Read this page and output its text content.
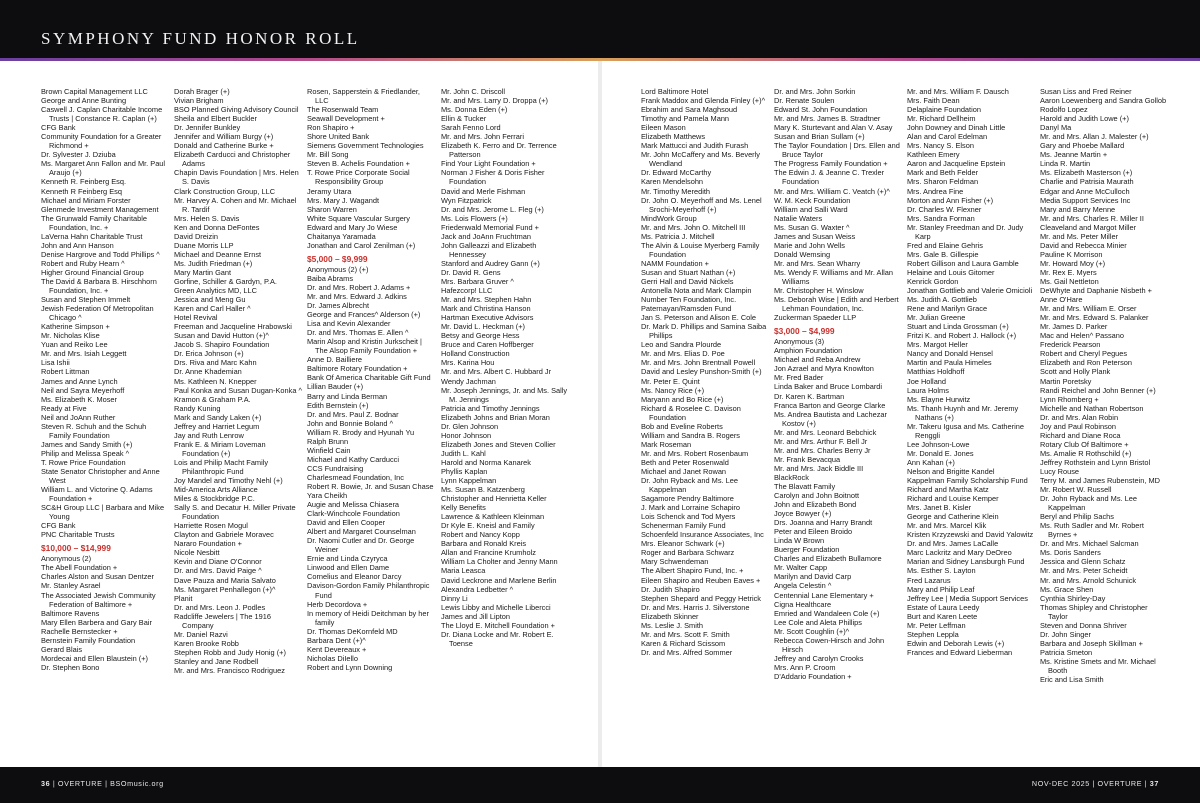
SYMPHONY FUND HONOR ROLL
Brown Capital Management LLC
George and Anne Bunting
Caswell J. Caplan Charitable Income Trusts | Constance R. Caplan (+)
CFG Bank
Community Foundation for a Greater Richmond +
Dr. Sylvester J. Dziuba
Ms. Margaret Ann Fallon and Mr. Paul Araujo (+)
Kenneth R. Feinberg Esq.
Kenneth R Feinberg Esq
Michael and Miriam Forster
Glenmede Investment Management
The Grunwald Family Charitable Foundation, Inc. +
LaVerna Hahn Charitable Trust
John and Ann Hanson
Denise Hargrove and Todd Phillips ^
Robert and Ruby Hearn ^
Higher Ground Financial Group
The David & Barbara B. Hirschhorn Foundation, Inc. +
Susan and Stephen Immelt
Jewish Federation Of Metropolitan Chicago ^
Katherine Simpson +
Mr. Nicholas Klise
Yuan and Reiko Lee
Mr. and Mrs. Isiah Leggett
Lisa Ishii
Robert Littman
James and Anne Lynch
Neil and Sayra Meyerhoff
Ms. Elizabeth K. Moser
Ready at Five
Neil and JoAnn Ruther
Steven R. Schuh and the Schuh Family Foundation
James and Sandy Smith (+)
Philip and Melissa Speak ^
T. Rowe Price Foundation
State Senator Christopher and Anne West
William L. and Victorine Q. Adams Foundation +
SC&H Group LLC | Barbara and Mike Young
CFG Bank
PNC Charitable Trusts
$10,000 – $14,999
Anonymous (2)
The Abell Foundation +
Charles Alston and Susan Dentzer
Mr. Stanley Asrael
The Associated Jewish Community Federation of Baltimore +
Baltimore Ravens
Mary Ellen Barbera and Gary Bair
Rachelle Bernstecker +
Bernstein Family Foundation
Gerard Blais
Mordecai and Ellen Blaustein (+)
Dr. Stephen Bono
Dorah Brager (+)
Vivian Brigham
BSO Planned Giving Advisory Council
Sheila and Elbert Buckler
Dr. Jennifer Bunkley
Jennifer and William Burgy (+)
Donald and Catherine Burke +
Elizabeth Carducci and Christopher Adams
Chapin Davis Foundation | Mrs. Helen S. Davis
Clark Construction Group, LLC
Mr. Harvey A. Cohen and Mr. Michael R. Tardif
Mrs. Helen S. Davis
Ken and Donna DeFontes
David Dreizin
Duane Morris LLP
Michael and Deanne Ernst
Ms. Judith Friedman (+)
Mary Martin Gant
Gorfine, Schiller & Gardyn, P.A.
Green Analytics MD, LLC
Jessica and Meng Gu
Karen and Carl Haller ^
Hotel Revival
Freeman and Jacqueline Hrabowski
Susan and David Hutton (+)^
Jacob S. Shapiro Foundation
Dr. Erica Johnson (+)
Drs. Riva and Marc Kahn
Dr. Anne Khademian
Ms. Kathleen N. Knepper
Paul Konka and Susan Dugan-Konka ^
Kramon & Graham P.A.
Randy Kuning
Mark and Sandy Laken (+)
Jeffrey and Harriet Legum
Jay and Ruth Lenrow
Frank E. & Miriam Loveman Foundation (+)
Lois and Philip Macht Family Philanthropic Fund
Joy Mandel and Timothy Nehl (+)
Mid-America Arts Alliance
Miles & Stockbridge P.C.
Sally S. and Decatur H. Miller Private Foundation
Harriette Rosen Mogul
Clayton and Gabriele Moravec
Nararo Foundation +
Nicole Nesbitt
Kevin and Diane O'Connor
Dr. and Mrs. David Paige ^
Dave Pauza and Maria Salvato
Ms. Margaret Penhallegon (+)^
Planit
Dr. and Mrs. Leon J. Podles
Radcliffe Jewelers | The 1916 Company
Mr. Daniel Razvi
Karen Brooke Robb
Stephen Robb and Judy Honig (+)
Stanley and Jane Rodbell
Mr. and Mrs. Francisco Rodriguez
Rosen, Sapperstein & Friedlander, LLC
The Rosenwald Team
Seawall Development +
Ron Shapiro +
Shore United Bank
Siemens Government Technologies
Mr. Bill Song
Steven B. Achelis Foundation +
T. Rowe Price Corporate Social Responsibility Group
Jeramy Utara
Mrs. Mary J. Wagandt
Sharon Warren
White Square Vascular Surgery
Edward and Mary Jo Wiese
Chaitanya Yaramada
Jonathan and Carol Zenilman (+)
$5,000 – $9,999
Anonymous (2) (+)
Baiba Abrams
Dr. and Mrs. Robert J. Adams +
Mr. and Mrs. Edward J. Adkins
Dr. James Albrecht
George and Frances^ Alderson (+)
Lisa and Kevin Alexander
Dr. and Mrs. Thomas E. Allen ^
Marin Alsop and Kristin Jurkscheit | The Alsop Family Foundation +
Anne D. Bailliere
Baltimore Rotary Foundation +
Bank Of America Charitable Gift Fund
Lillian Bauder (+)
Barry and Linda Berman
Edith Bernstein (+)
Dr. and Mrs. Paul Z. Bodnar
John and Bonnie Boland ^
William R. Brody and Hyunah Yu
Ralph Brunn
Winfield Cain
Michael and Kathy Carducci
CCS Fundraising
Charlesmead Foundation, Inc
Robert R. Bowie, Jr. and Susan Chase
Yara Cheikh
Augie and Melissa Chiasera
Clark-Winchcole Foundation
David and Ellen Cooper
Albert and Margaret Counselman
Dr. Naomi Cutler and Dr. George Weiner
Ernie and Linda Czyryca
Linwood and Ellen Dame
Cornelius and Eleanor Darcy
Davison-Gordon Family Philanthropic Fund
Herb Decordova +
In memory of Heidi Deitchman by her family
Dr. Thomas DeKornfeld MD
Barbara Dent (+)^
Kent Devereaux +
Nicholas DiIello
Robert and Lynn Downing
Mr. John C. Driscoll
Mr. and Mrs. Larry D. Droppa (+)
Ms. Donna Eden (+)
Ellin & Tucker
Sarah Fenno Lord
Mr. and Mrs. John Ferrari
Elizabeth K. Ferro and Dr. Terrence Patterson
Find Your Light Foundation +
Norman J Fisher & Doris Fisher Foundation
David and Merle Fishman
Wyn Fitzpatrick
Dr. and Mrs. Jerome L. Fleg (+)
Ms. Lois Flowers (+)
Friedenwald Memorial Fund +
Jack and JoAnn Fruchtman
John Galleazzi and Elizabeth Hennessey
Stanford and Audrey Gann (+)
Dr. David R. Gens
Mrs. Barbara Gruver ^
Hafezcorp! LLC
Mr. and Mrs. Stephen Hahn
Mark and Christina Hanson
Hartman Executive Advisors
Mr. David L. Heckman (+)
Betsy and George Hess
Bruce and Caren Hoffberger
Holland Construction
Mrs. Karina Hou
Mr. and Mrs. Albert C. Hubbard Jr
Wendy Jachman
Mr. Joseph Jennings, Jr. and Ms. Sally M. Jennings
Patricia and Timothy Jennings
Elizabeth Johns and Brian Moran
Dr. Glen Johnson
Honor Johnson
Elizabeth Jones and Steven Collier
Judith L. Kahl
Harold and Norma Kanarek
Phyllis Kaplan
Lynn Kappelman
Ms. Susan B. Katzenberg
Christopher and Henrietta Keller
Kelly Benefits
Lawrence & Kathleen Kleinman
Dr Kyle E. Kneisl and Family
Robert and Nancy Kopp
Barbara and Ronald Kreis
Allan and Francine Krumholz
William La Cholter and Jenny Mann
Maria Leasca
David Leckrone and Marlene Berlin
Alexandra Ledbetter ^
Dinny Li
Lewis Libby and Michelle Libercci
James and Jill Lipton
The Lloyd E. Mitchell Foundation +
Dr. Diana Locke and Mr. Robert E. Toense
Lord Baltimore Hotel
Frank Maddox and Glenda Finley (+)^
Ebrahim and Sara Maghsoud
Timothy and Pamela Mann
Eileen Mason
Elizabeth Matthews
Mark Mattucci and Judith Furash
Mr. John McCaffery and Ms. Beverly Wendland
Dr. Edward McCarthy
Karen Mendelsohn
Mr. Timothy Meredith
Dr. John O. Meyerhoff and Ms. Lenel Srochi-Meyerhoff (+)
MindWork Group
Mr. and Mrs. John O. Mitchell III
Ms. Patricia J. Mitchell
The Alvin & Louise Myerberg Family Foundation
NAMM Foundation +
Susan and Stuart Nathan (+)
Gerri Hall and David Nickels
Antonella Nota and Mark Clampin
Number Ten Foundation, Inc.
Paternayan/Ramsden Fund
Jan S. Peterson and Alison E. Cole
Dr. Mark D. Phillips and Samina Saiba Phillips
Leo and Sandra Plourde
Mr. and Mrs. Elias D. Poe
Mr. and Mrs. John Brentnall Powell
David and Lesley Punshon-Smith (+)
Mr. Peter E. Quint
Ms. Nancy Rice (+)
Maryann and Bo Rice (+)
Richard & Roselee C. Davison Foundation
Bob and Eveline Roberts
William and Sandra B. Rogers
Mark Roseman
Mr. and Mrs. Robert Rosenbaum
Beth and Peter Rosenwald
Michael and Janet Rowan
Dr. John Ryback and Ms. Lee Kappelman
Sagamore Pendry Baltimore
J. Mark and Lorraine Schapiro
Lois Schenck and Tod Myers
Schenerman Family Fund
Schoenfeld Insurance Associates, Inc
Mrs. Eleanor Schwark (+)
Roger and Barbara Schwarz
Mary Schwendeman
The Albert Shapiro Fund, Inc. +
Eileen Shapiro and Reuben Eaves +
Dr. Judith Shapiro
Stephen Shepard and Peggy Hetrick
Dr. and Mrs. Harris J. Silverstone
Elizabeth Skinner
Ms. Leslie J. Smith
Mr. and Mrs. Scott F. Smith
Karen & Richard Scissom
Dr. and Mrs. Alfred Sommer
Dr. and Mrs. John Sorkin
Dr. Renate Soulen
Edward St. John Foundation
Mr. and Mrs. James B. Stradtner
Mary K. Sturtevant and Alan V. Asay
Susan and Brian Sullam (+)
The Taylor Foundation | Drs. Ellen and Bruce Taylor
The Progress Family Foundation +
The Edwin J. & Jeanne C. Trexler Foundation
Mr. and Mrs. William C. Veatch (+)^
W. M. Keck Foundation
William and Salli Ward
Natalie Waters
Ms. Susan G. Waxter ^
James and Susan Weiss
Marie and John Wells
Donald Wemsing
Mr. and Mrs. Sean Wharry
Ms. Wendy F. Williams and Mr. Allan Williams
Mr. Christopher H. Winslow
Ms. Deborah Wise | Edith and Herbert Lehman Foundation, Inc.
Zuckerman Spaeder LLP
$3,000 – $4,999
Anonymous (3)
Amphion Foundation
Michael and Reba Andrew
Jon Azrael and Myra Knowlton
Mr. Fred Bader
Linda Baker and Bruce Lombardi
Dr. Karen K. Bartman
Franca Barton and George Clarke
Ms. Andrea Bautista and Lachezar Kostov (+)
Mr. and Mrs. Leonard Bebchick
Mr. and Mrs. Arthur F. Bell Jr
Mr. and Mrs. Charles Berry Jr
Mr. Frank Bevacqua
Mr. and Mrs. Jack Biddle III
BlackRock
The Blavatt Family
Carolyn and John Boitnott
John and Elizabeth Bond
Joyce Bowyer (+)
Drs. Joanna and Harry Brandt
Peter and Eileen Broido
Linda W Brown
Buerger Foundation
Charles and Elizabeth Bullamore
Mr. Walter Capp
Marilyn and David Carp
Angela Celestin ^
Centennial Lane Elementary +
Cigna Healthcare
Emried and Wandaleen Cole (+)
Lee Cole and Aleta Phillips
Mr. Scott Coughlin (+)^
Rebecca Cowen-Hirsch and John Hirsch
Jeffrey and Carolyn Crooks
Mrs. Ann P. Croom
D'Addario Foundation +
Mr. and Mrs. William F. Dausch
Mrs. Faith Dean
Delaplaine Foundation
Mr. Richard Dellheim
John Downey and Dinah Little
Alan and Carol Edelman
Mrs. Nancy S. Elson
Kathleen Emery
Aaron and Jacqueline Epstein
Mark and Beth Felder
Mrs. Sharon Feldman
Mrs. Andrea Fine
Morton and Ann Fisher (+)
Dr. Charles W. Flexner
Mrs. Sandra Forman
Mr. Stanley Freedman and Dr. Judy Karp
Fred and Elaine Gehris
Mrs. Gale B. Gillespie
Robert Gillison and Laura Gamble
Helaine and Louis Gitomer
Kenrick Gordon
Jonathan Gottlieb and Valerie Omicioli
Ms. Judith A. Gottlieb
Rene and Marilyn Grace
Mr. Julian Greene
Stuart and Linda Grossman (+)
Fritzi K. and Robert J. Hallock (+)
Mrs. Margot Heller
Nancy and Donald Hensel
Martin and Paula Himeles
Matthias Holdhoff
Joe Holland
Laura Holms
Ms. Elayne Hurwitz
Ms. Thanh Huynh and Mr. Jeremy Nathans (+)
Mr. Takeru Igusa and Ms. Catherine Renggli
Lee Johnson-Lowe
Mr. Donald E. Jones
Ann Kahan (+)
Nelson and Brigitte Kandel
Kappelman Family Scholarship Fund
Richard and Martha Katz
Richard and Louise Kemper
Mrs. Janet B. Kisler
George and Catherine Klein
Mr. and Mrs. Marcel Klik
Kristen Krzyzewski and David Yalowitz
Dr. and Mrs. James LaCalle
Marc Lackritz and Mary DeOreo
Marian and Sidney Lansburgh Fund
Ms. Esther S. Layton
Fred Lazarus
Mary and Philip Leaf
Jeffrey Lee | Media Support Services
Estate of Laura Leedy
Burt and Karen Leete
Mr. Peter Leffman
Stephen Leppla
Edwin and Deborah Lewis (+)
Frances and Edward Lieberman
Susan Liss and Fred Reiner
Aaron Loewenberg and Sandra Gollob
Rodolfo Lopez
Harold and Judith Lowe (+)
Danyl Ma
Mr. and Mrs. Allan J. Malester (+)
Gary and Phoebe Mallard
Ms. Jeanne Martin +
Linda R. Martin
Ms. Elizabeth Masterson (+)
Charlie and Patrisia Maurath
Edgar and Anne McCulloch
Media Support Services Inc
Mary and Barry Menne
Mr. and Mrs. Charles R. Miller II
Cleaveland and Margot Miller
Mr. and Ms. Peter Miller
David and Rebecca Minier
Pauline K Morrison
Mr. Howard Moy (+)
Mr. Rex E. Myers
Ms. Gail Nettleton
DeWhyte and Daphanie Nisbeth +
Anne O'Hare
Mr. and Mrs. William E. Orser
Mr. and Mrs. Edward S. Palanker
Mr. James D. Parker
Mac and Helen^ Passano
Frederick Pearson
Robert and Cheryl Pegues
Elizabeth and Ron Peterson
Scott and Holly Plank
Martin Poretsky
Randi Reichel and John Benner (+)
Lynn Rhomberg +
Michelle and Nathan Robertson
Dr. and Mrs. Alan Robin
Joy and Paul Robinson
Richard and Diane Roca
Rotary Club Of Baltimore +
Ms. Amalie R Rothschild (+)
Jeffrey Rothstein and Lynn Bristol
Lucy Rouse
Terry M. and James Rubenstein, MD
Mr. Robert W. Russell
Dr. John Ryback and Ms. Lee Kappelman
Beryl and Philip Sachs
Ms. Ruth Sadler and Mr. Robert Byrnes +
Dr. and Mrs. Michael Salcman
Ms. Doris Sanders
Jessica and Glenn Schatz
Mr. and Mrs. Peter Scheidt
Mr. and Mrs. Arnold Schunick
Ms. Grace Shen
Cynthia Shirley-Day
Thomas Shipley and Christopher Taylor
Steven and Donna Shriver
Dr. John Singer
Barbara and Joseph Skillman +
Patricia Smeton
Ms. Kristine Smets and Mr. Michael Booth
Eric and Lisa Smith
36 | OVERTURE | BSOmusic.org	NOV-DEC 2025 | OVERTURE | 37
